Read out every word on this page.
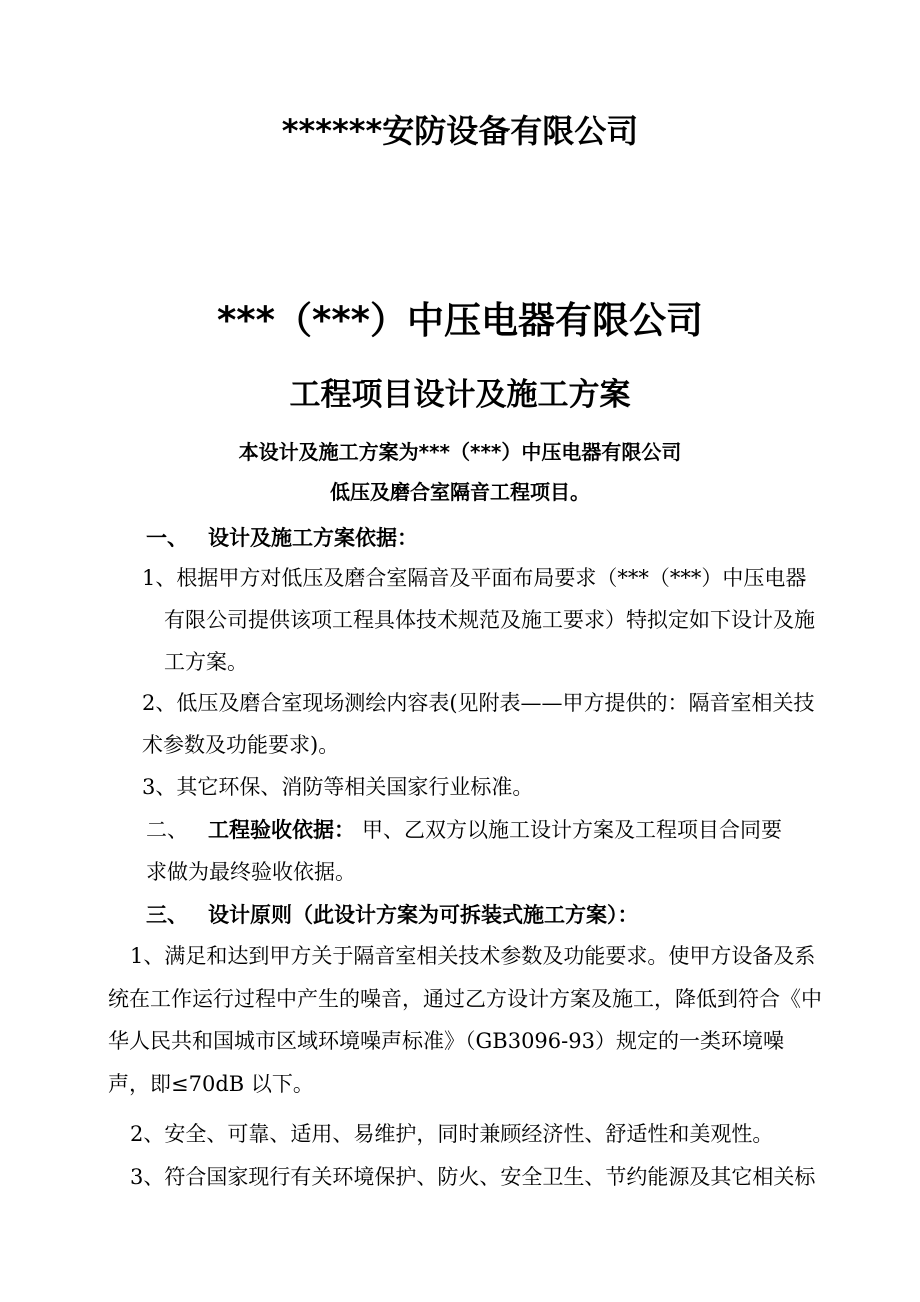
******安防设备有限公司
***（***）中压电器有限公司
工程项目设计及施工方案
本设计及施工方案为***（***）中压电器有限公司
低压及磨合室隔音工程项目。
一、 设计及施工方案依据：
1、根据甲方对低压及磨合室隔音及平面布局要求（***（***）中压电器
有限公司提供该项工程具体技术规范及施工要求）特拟定如下设计及施
工方案。
2、低压及磨合室现场测绘内容表(见附表——甲方提供的：隔音室相关技
术参数及功能要求)。
3、其它环保、消防等相关国家行业标准。
二、 工程验收依据： 甲、乙双方以施工设计方案及工程项目合同要
求做为最终验收依据。
三、 设计原则（此设计方案为可拆装式施工方案）：
1、满足和达到甲方关于隔音室相关技术参数及功能要求。使甲方设备及系
统在工作运行过程中产生的噪音，通过乙方设计方案及施工，降低到符合《中
华人民共和国城市区域环境噪声标准》（GB3096-93）规定的一类环境噪
声，即≤70dB 以下。
2、安全、可靠、适用、易维护，同时兼顾经济性、舒适性和美观性。
3、符合国家现行有关环境保护、防火、安全卫生、节约能源及其它相关标
